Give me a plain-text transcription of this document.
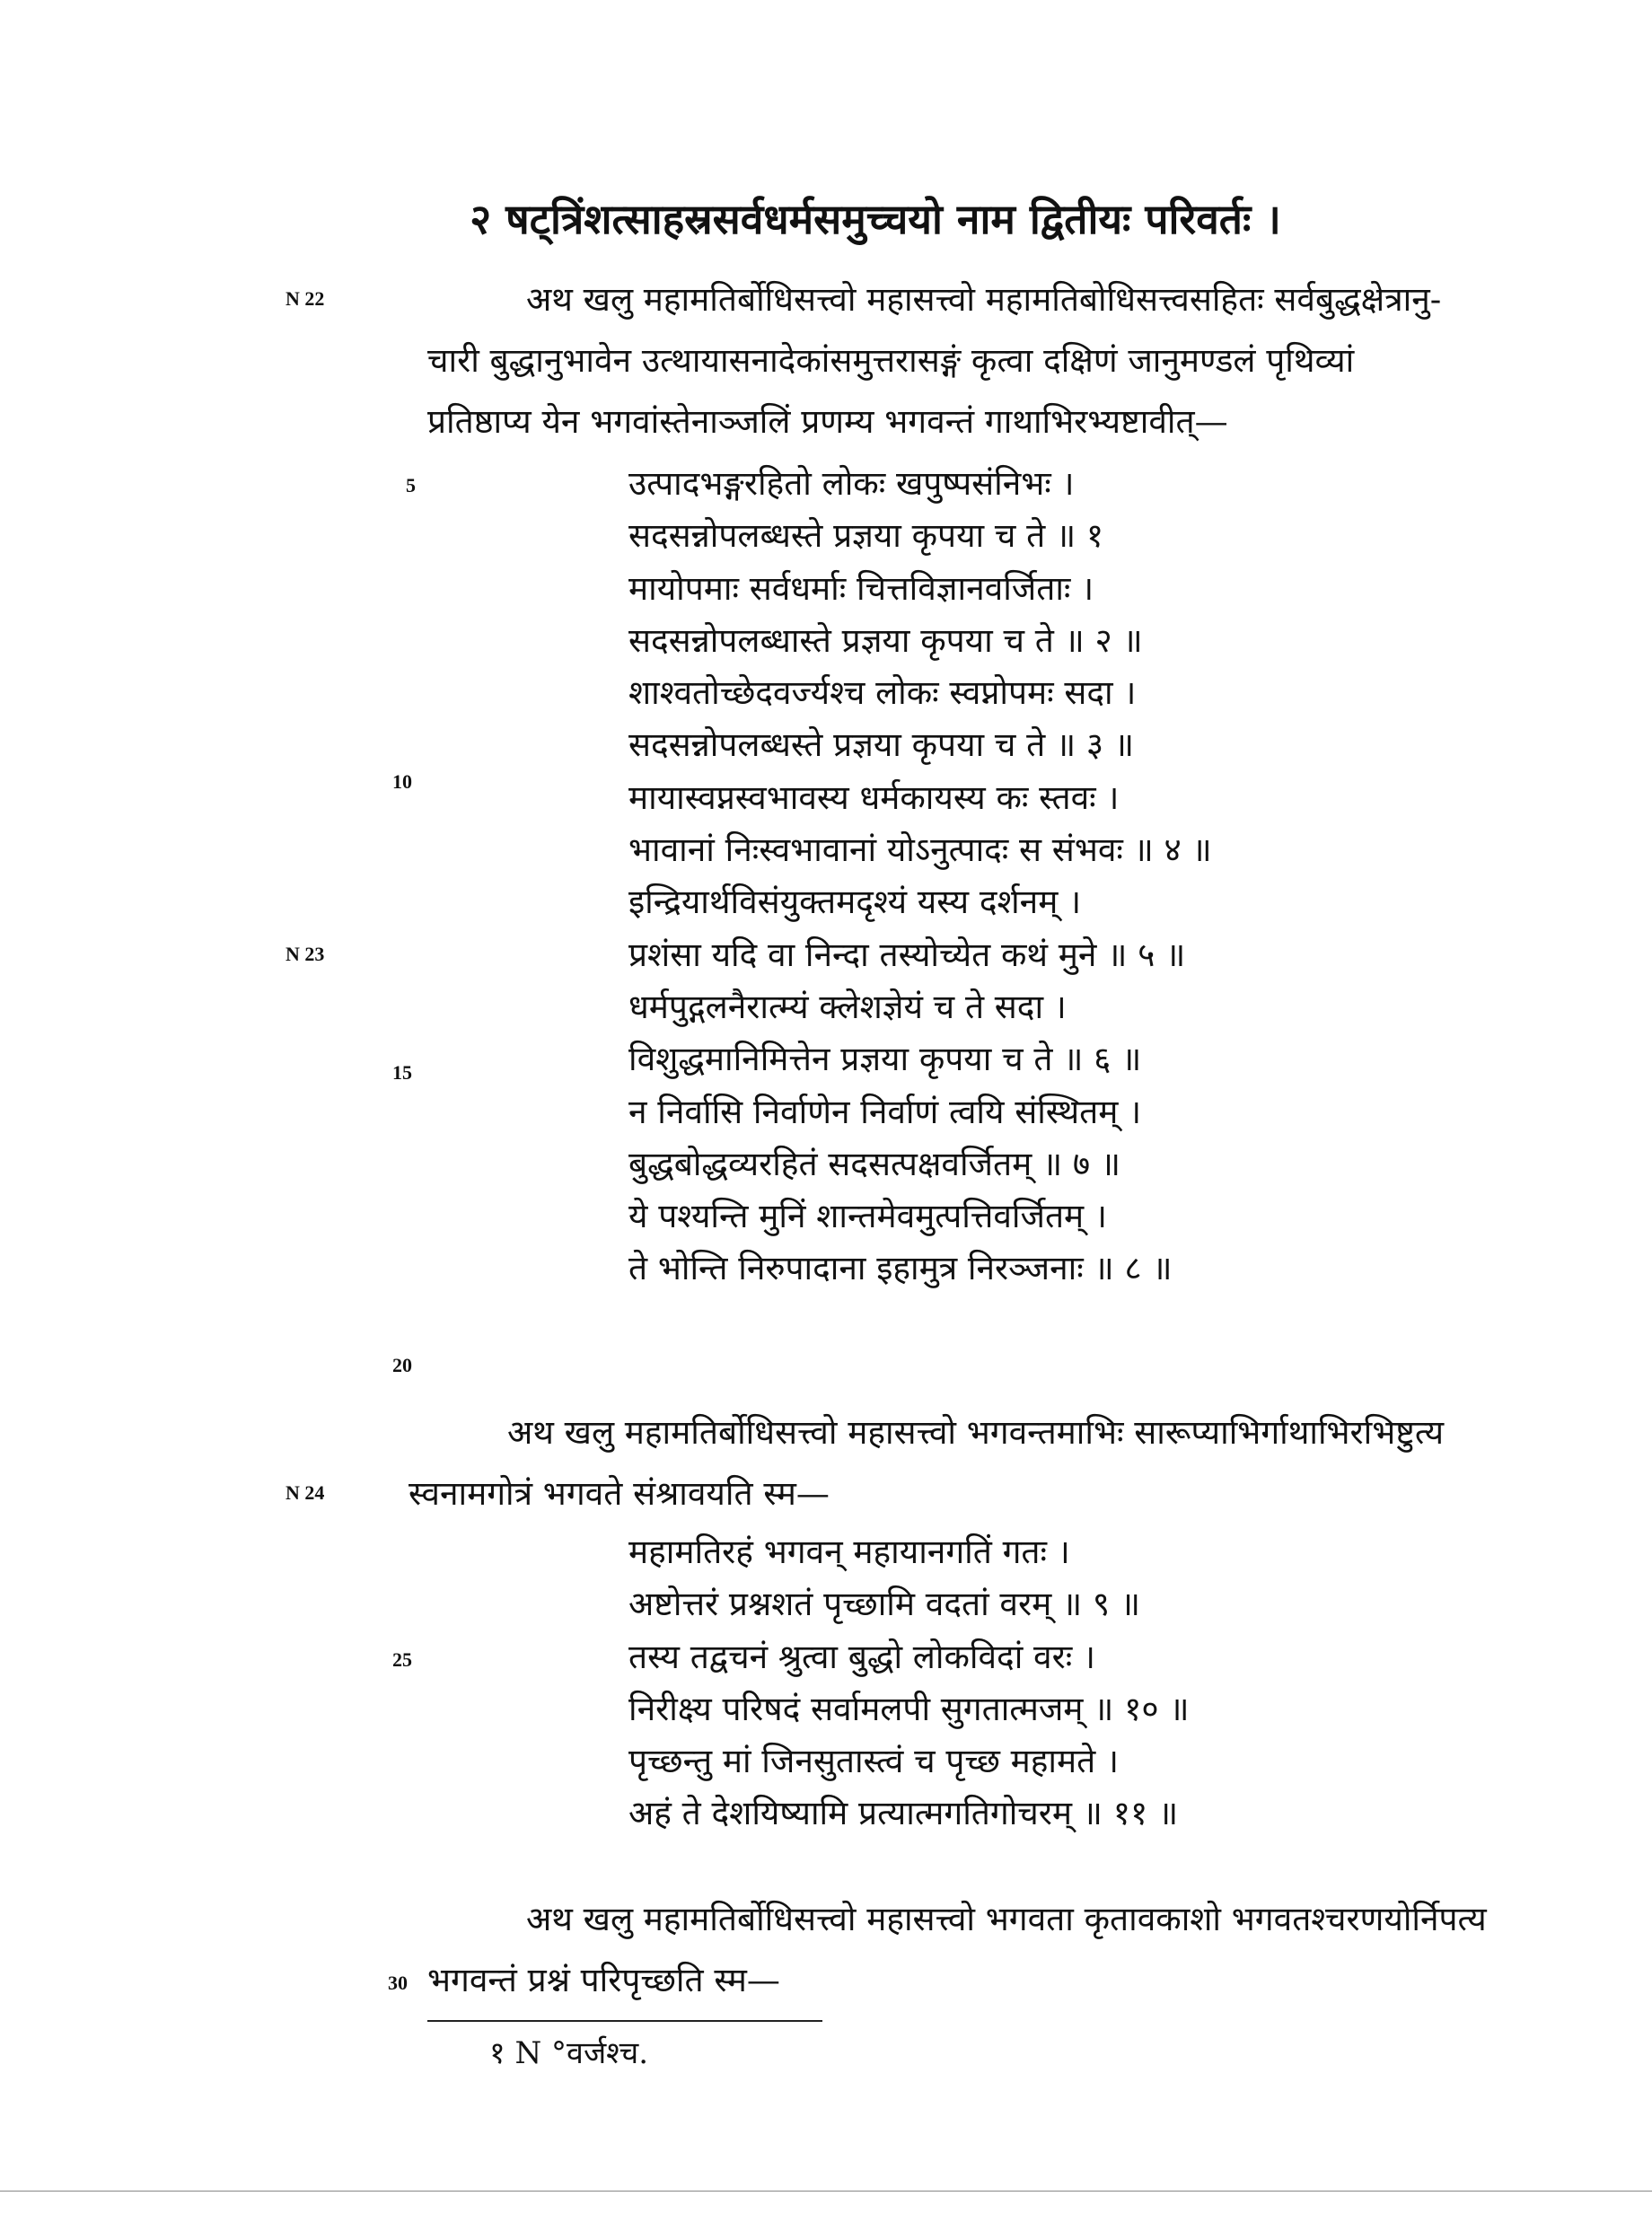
२ षट्त्रिंशत्साहस्रसर्वधर्मसमुच्चयो नाम द्वितीयः परिवर्तः ।
N 22
N 23
N 24
5
10
15
20
25
अथ खलु महामतिर्बोधिसत्त्वो महासत्त्वो महामतिबोधिसत्त्वसहितः सर्वबुद्धक्षेत्रानु-
चारी बुद्धानुभावेन उत्थायासनादेकांसमुत्तरासङ्गं कृत्वा दक्षिणं जानुमण्डलं पृथिव्यां
प्रतिष्ठाप्य येन भगवांस्तेनाञ्जलिं प्रणम्य भगवन्तं गाथाभिरभ्यष्टावीत्—
उत्पादभङ्गरहितो लोकः खपुष्पसंनिभः ।
सदसन्नोपलब्धस्ते प्रज्ञया कृपया च ते ॥ १
मायोपमाः सर्वधर्माः चित्तविज्ञानवर्जिताः ।
सदसन्नोपलब्धास्ते प्रज्ञया कृपया च ते ॥ २ ॥
शाश्वतोच्छेदवर्ज्यश्च लोकः स्वप्नोपमः सदा ।
सदसन्नोपलब्धस्ते प्रज्ञया कृपया च ते ॥ ३ ॥
मायास्वप्नस्वभावस्य धर्मकायस्य कः स्तवः ।
भावानां निःस्वभावानां योऽनुत्पादः स संभवः ॥ ४ ॥
इन्द्रियार्थविसंयुक्तमदृश्यं यस्य दर्शनम् ।
प्रशंसा यदि वा निन्दा तस्योच्येत कथं मुने ॥ ५ ॥
धर्मपुद्गलनैरात्म्यं क्लेशज्ञेयं च ते सदा ।
विशुद्धमानिमित्तेन प्रज्ञया कृपया च ते ॥ ६ ॥
न निर्वासि निर्वाणेन निर्वाणं त्वयि संस्थितम् ।
बुद्धबोद्धव्यरहितं सदसत्पक्षवर्जितम् ॥ ७ ॥
ये पश्यन्ति मुनिं शान्तमेवमुत्पत्तिवर्जितम् ।
ते भोन्ति निरुपादाना इहामुत्र निरञ्जनाः ॥ ८ ॥
अथ खलु महामतिर्बोधिसत्त्वो महासत्त्वो भगवन्तमाभिः सारूप्याभिर्गाथाभिरभिष्टुत्य
स्वनामगोत्रं भगवते संश्रावयति स्म—
महामतिरहं भगवन् महायानगतिं गतः ।
अष्टोत्तरं प्रश्नशतं पृच्छामि वदतां वरम् ॥ ९ ॥
तस्य तद्वचनं श्रुत्वा बुद्धो लोकविदां वरः ।
निरीक्ष्य परिषदं सर्वामलपी सुगतात्मजम् ॥ १० ॥
पृच्छन्तु मां जिनसुतास्त्वं च पृच्छ महामते ।
अहं ते देशयिष्यामि प्रत्यात्मगतिगोचरम् ॥ ११ ॥
अथ खलु महामतिर्बोधिसत्त्वो महासत्त्वो भगवता कृतावकाशो भगवतश्चरणयोर्निपत्य
भगवन्तं प्रश्नं परिपृच्छति स्म—
30
१ N °वर्जश्च.
